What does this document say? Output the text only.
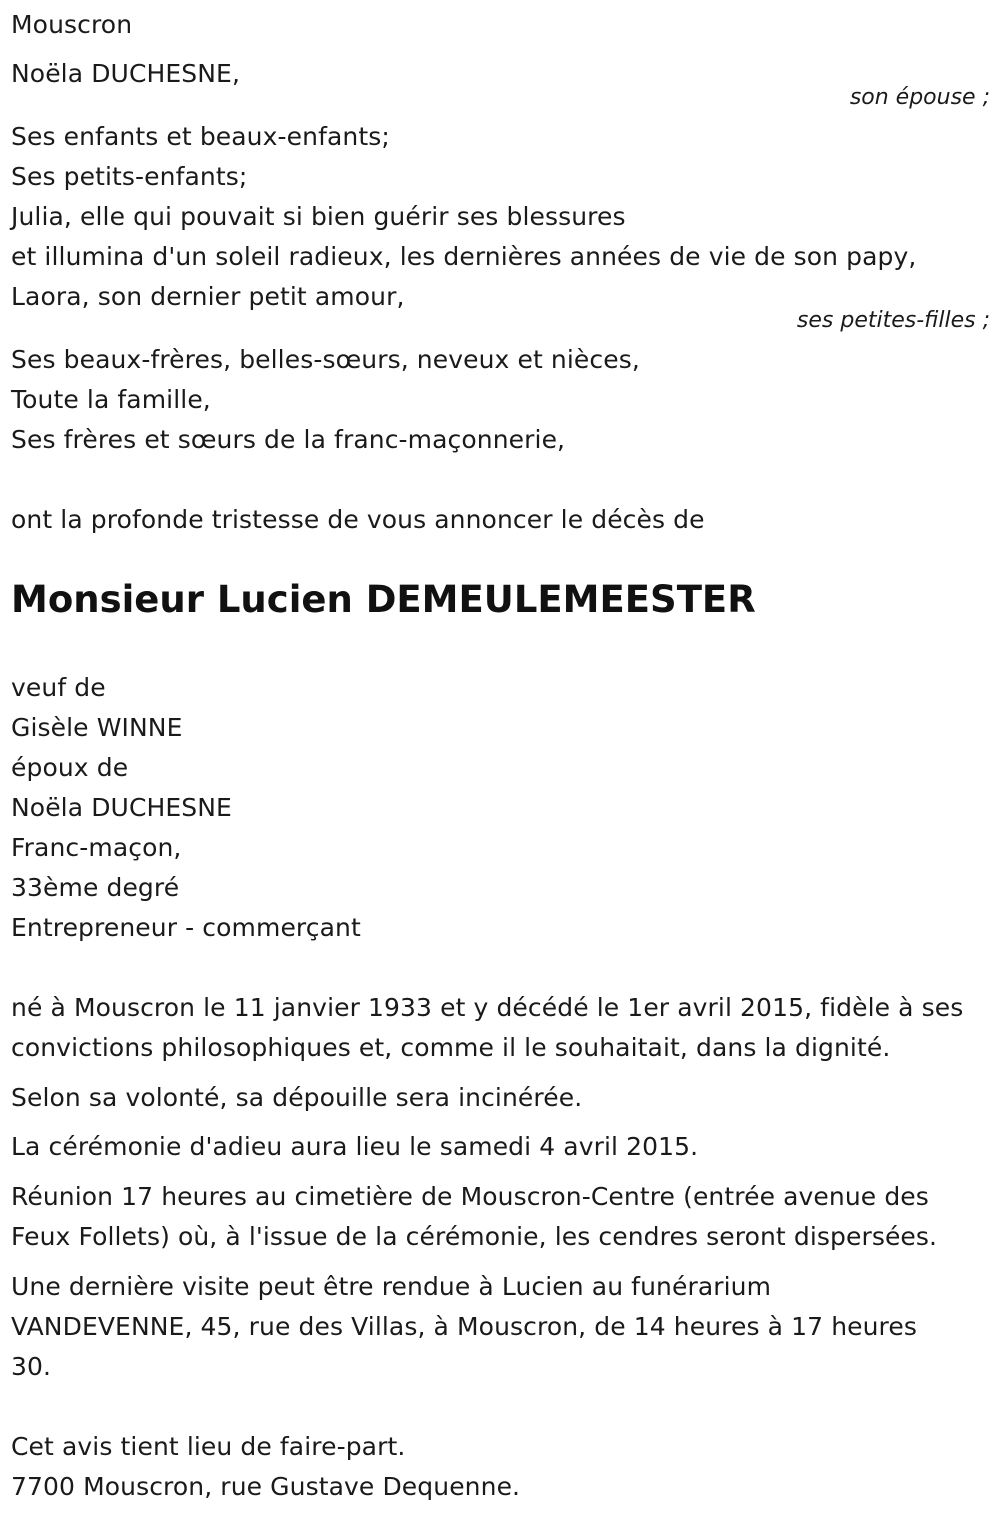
Mouscron
Noëla DUCHESNE,
son épouse ;
Ses enfants et beaux-enfants;
Ses petits-enfants;
Julia, elle qui pouvait si bien guérir ses blessures
et illumina d'un soleil radieux, les dernières années de vie de son papy,
Laora, son dernier petit amour,
ses petites-filles ;
Ses beaux-frères, belles-sœurs, neveux et nièces,
Toute la famille,
Ses frères et sœurs de la franc-maçonnerie,
ont la profonde tristesse de vous annoncer le décès de
Monsieur Lucien DEMEULEMEESTER
veuf de
Gisèle WINNE
époux de
Noëla DUCHESNE
Franc-maçon,
33ème degré
Entrepreneur - commerçant
né à Mouscron le 11 janvier 1933 et y décédé le 1er avril 2015, fidèle à ses
convictions philosophiques et, comme il le souhaitait, dans la dignité.
Selon sa volonté, sa dépouille sera incinérée.
La cérémonie d'adieu aura lieu le samedi 4 avril 2015.
Réunion 17 heures au cimetière de Mouscron-Centre (entrée avenue des
Feux Follets) où, à l'issue de la cérémonie, les cendres seront dispersées.
Une dernière visite peut être rendue à Lucien au funérarium
VANDEVENNE, 45, rue des Villas, à Mouscron, de 14 heures à 17 heures
30.
Cet avis tient lieu de faire-part.
7700 Mouscron, rue Gustave Dequenne.
